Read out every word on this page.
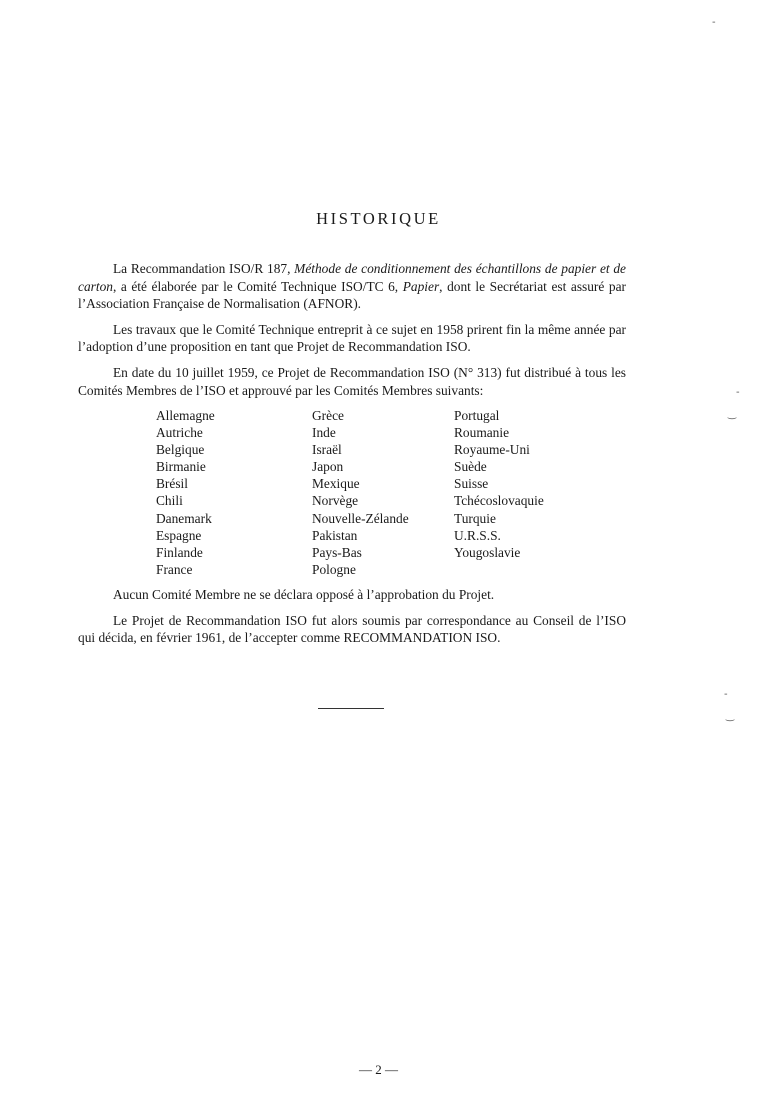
HISTORIQUE

La Recommandation ISO/R 187, Méthode de conditionnement des échantillons de papier et de carton, a été élaborée par le Comité Technique ISO/TC 6, Papier, dont le Secrétariat est assuré par l’Association Française de Normalisation (AFNOR).

Les travaux que le Comité Technique entreprit à ce sujet en 1958 prirent fin la même année par l’adoption d’une proposition en tant que Projet de Recommandation ISO.

En date du 10 juillet 1959, ce Projet de Recommandation ISO (N° 313) fut distribué à tous les Comités Membres de l’ISO et approuvé par les Comités Membres suivants:

Allemagne
Autriche
Belgique
Birmanie
Brésil
Chili
Danemark
Espagne
Finlande
France
Grèce
Inde
Israël
Japon
Mexique
Norvège
Nouvelle-Zélande
Pakistan
Pays-Bas
Pologne
Portugal
Roumanie
Royaume-Uni
Suède
Suisse
Tchécoslovaquie
Turquie
U.R.S.S.
Yougoslavie

Aucun Comité Membre ne se déclara opposé à l’approbation du Projet.

Le Projet de Recommandation ISO fut alors soumis par correspondance au Conseil de l’ISO qui décida, en février 1961, de l’accepter comme RECOMMANDATION ISO.

— 2 —
-
-
‿
-
‿
